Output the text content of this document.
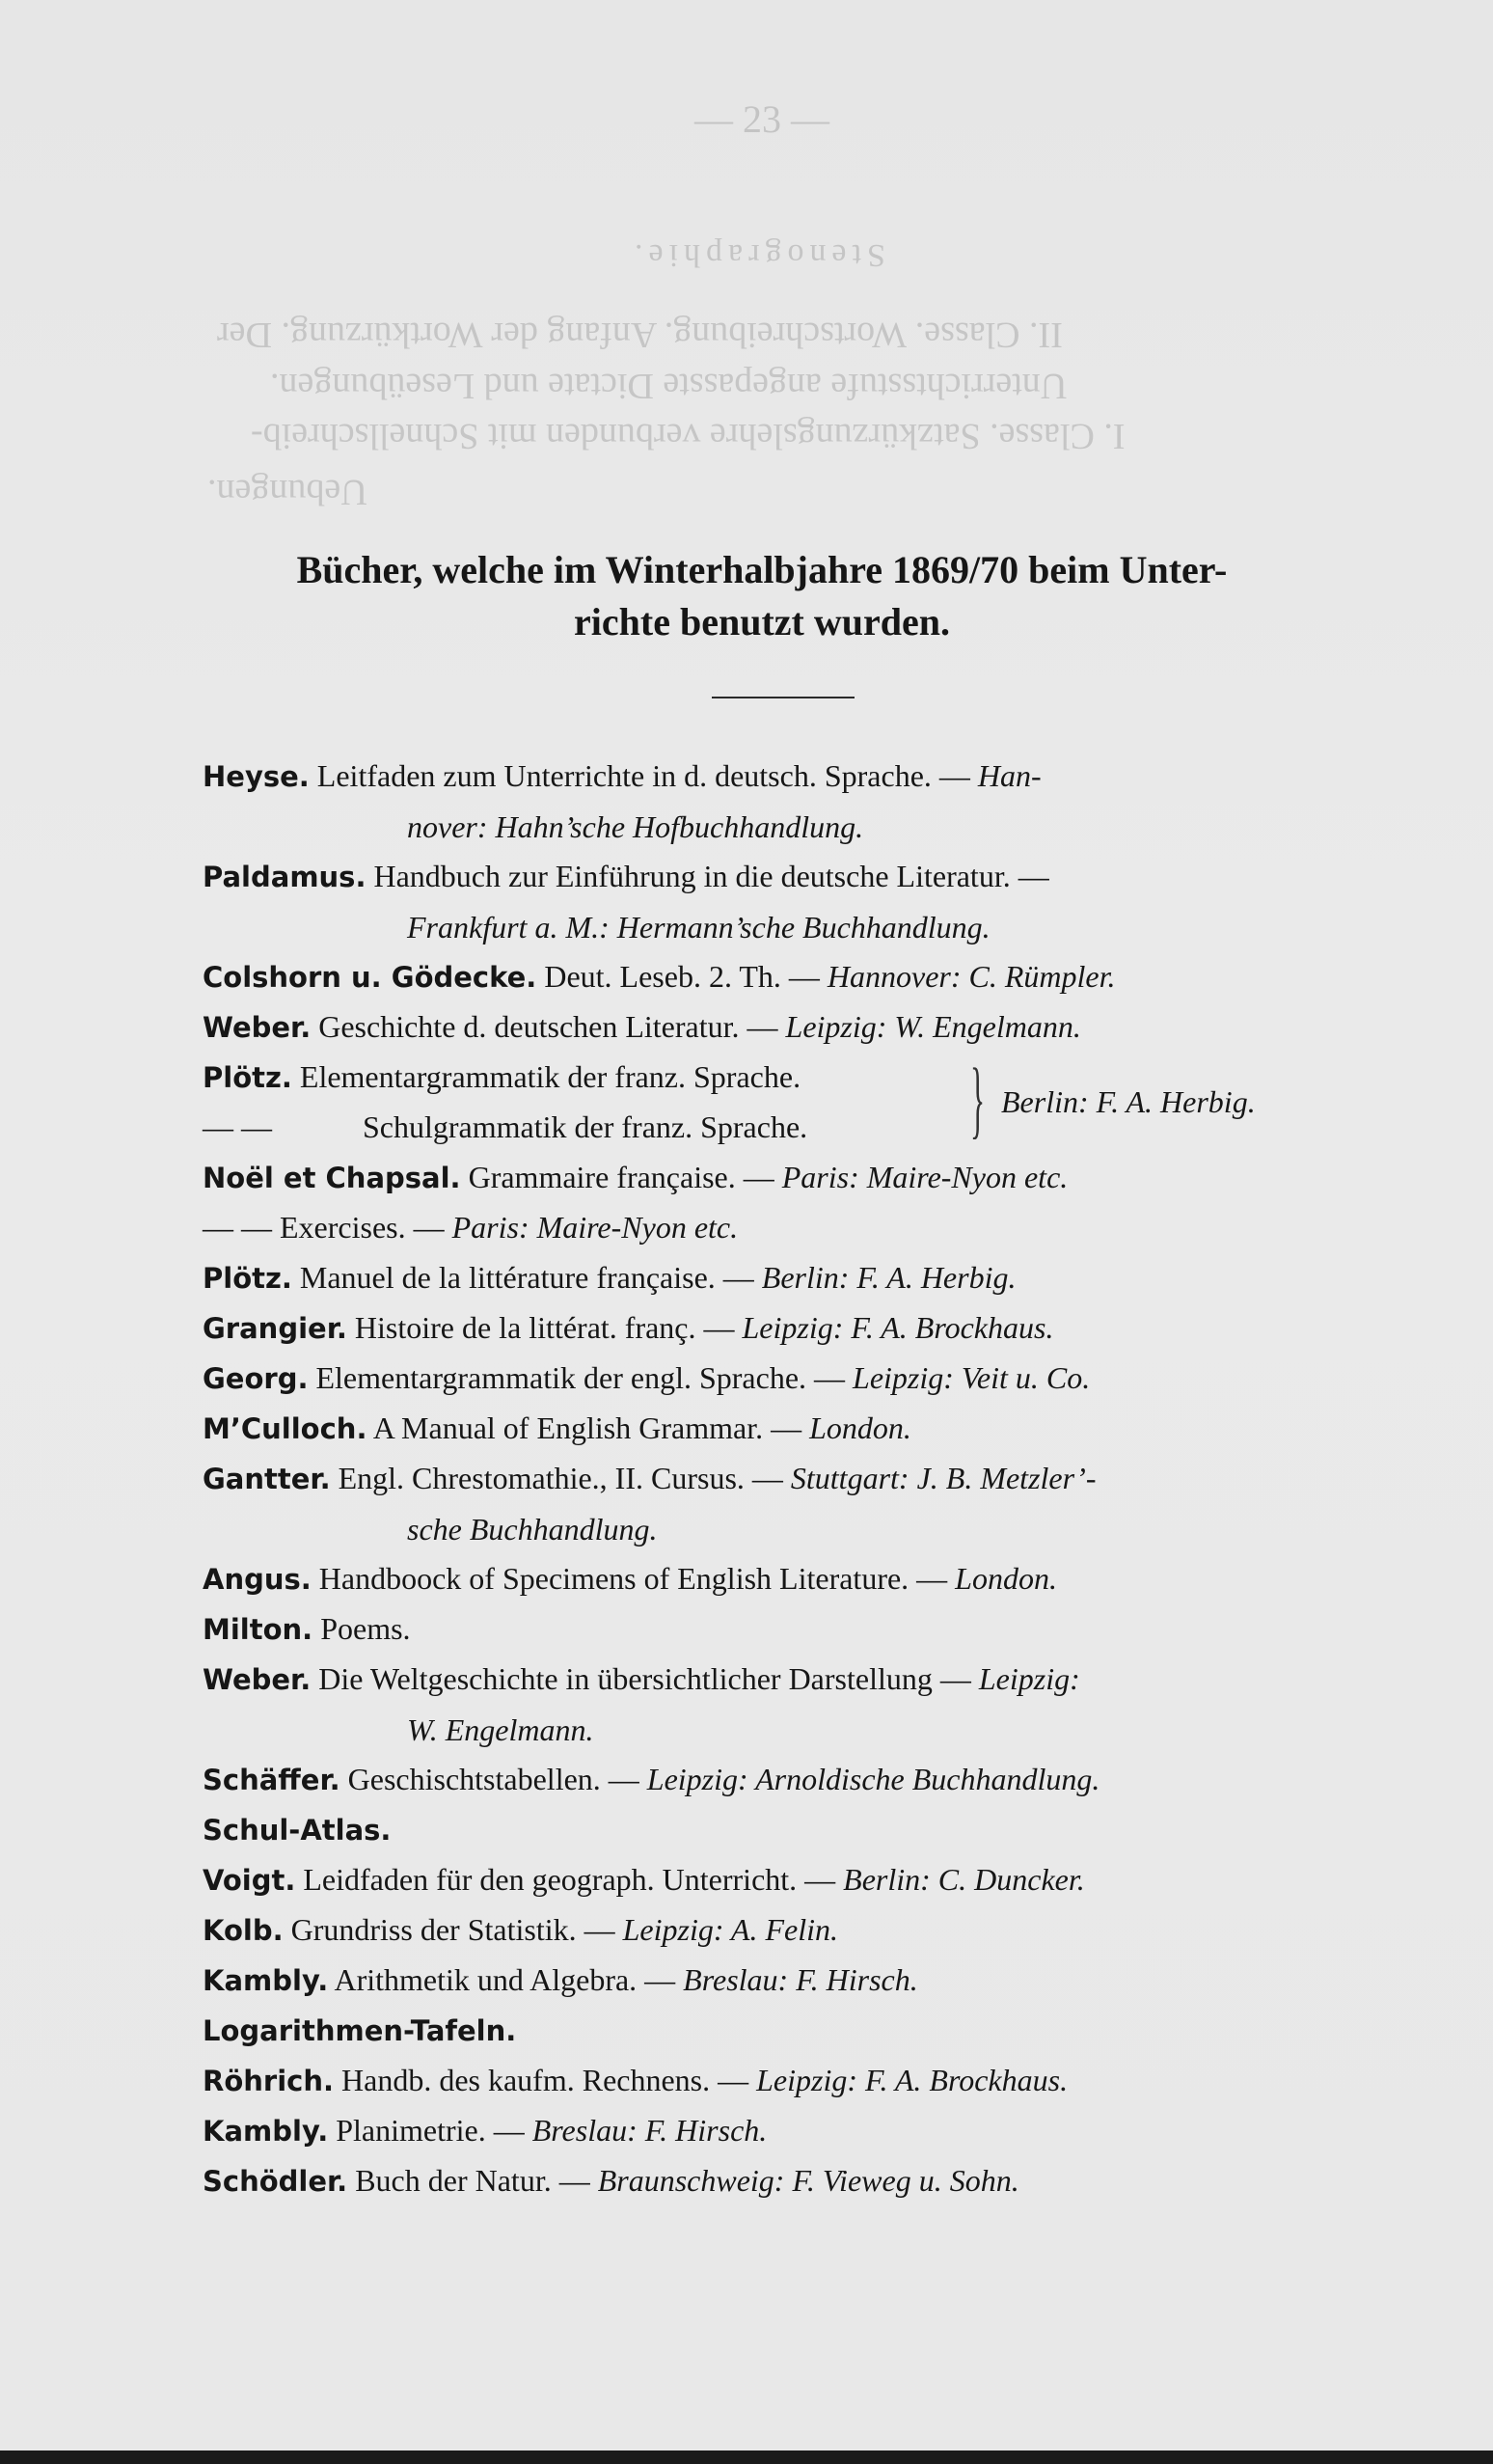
— 23 —
Stenographie.
II. Classe. Wortschreibung. Anfang der Wortkürzung. Der
Unterrichtsstufe angepasste Dictate und Leseübungen.
I. Classe. Satzkürzungslehre verbunden mit Schnellschreib-
Uebungen.
Bücher, welche im Winterhalbjahre 1869/70 beim Unter-
richte benutzt wurden.
Heyse. Leitfaden zum Unterrichte in d. deutsch. Sprache. — Han-
nover: Hahn’sche Hofbuchhandlung.
Paldamus. Handbuch zur Einführung in die deutsche Literatur. —
Frankfurt a. M.: Hermann’sche Buchhandlung.
Colshorn u. Gödecke. Deut. Leseb. 2. Th. — Hannover: C. Rümpler.
Weber. Geschichte d. deutschen Literatur. — Leipzig: W. Engelmann.
Plötz. Elementargrammatik der franz. Sprache.
— —	Schulgrammatik der franz. Sprache. } Berlin: F. A. Herbig.
Noël et Chapsal. Grammaire française. — Paris: Maire-Nyon etc.
— — Exercises. — Paris: Maire-Nyon etc.
Plötz. Manuel de la littérature française. — Berlin: F. A. Herbig.
Grangier. Histoire de la littérat. franç. — Leipzig: F. A. Brockhaus.
Georg. Elementargrammatik der engl. Sprache. — Leipzig: Veit u. Co.
M’Culloch. A Manual of English Grammar. — London.
Gantter. Engl. Chrestomathie., II. Cursus. — Stuttgart: J. B. Metzler’-
sche Buchhandlung.
Angus. Handboock of Specimens of English Literature. — London.
Milton. Poems.
Weber. Die Weltgeschichte in übersichtlicher Darstellung — Leipzig:
W. Engelmann.
Schäffer. Geschischtstabellen. — Leipzig: Arnoldische Buchhandlung.
Schul-Atlas.
Voigt. Leidfaden für den geograph. Unterricht. — Berlin: C. Duncker.
Kolb. Grundriss der Statistik. — Leipzig: A. Felin.
Kambly. Arithmetik und Algebra. — Breslau: F. Hirsch.
Logarithmen-Tafeln.
Röhrich. Handb. des kaufm. Rechnens. — Leipzig: F. A. Brockhaus.
Kambly. Planimetrie. — Breslau: F. Hirsch.
Schödler. Buch der Natur. — Braunschweig: F. Vieweg u. Sohn.
